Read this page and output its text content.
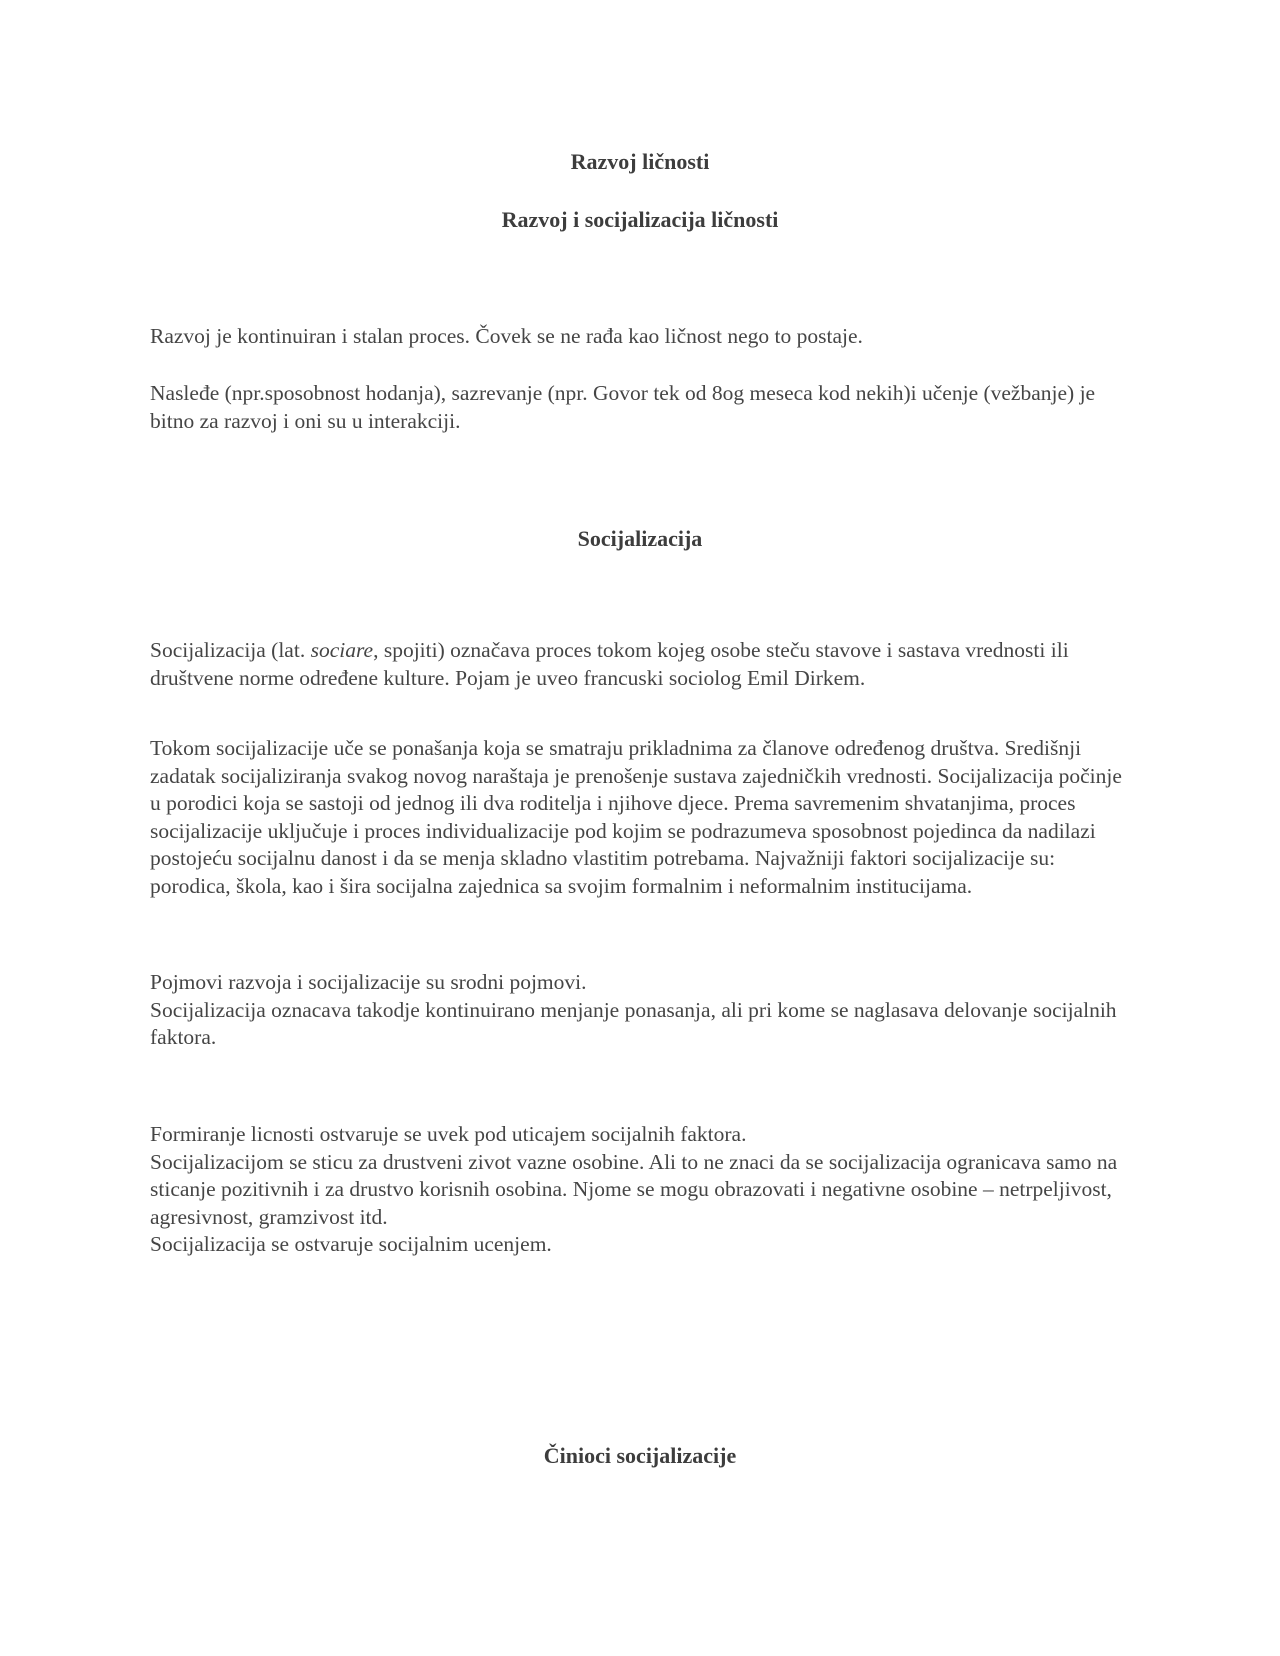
Razvoj ličnosti
Razvoj i socijalizacija ličnosti

Razvoj je kontinuiran i stalan proces. Čovek se ne rađa kao ličnost nego to postaje.

Nasleđe (npr.sposobnost hodanja), sazrevanje (npr. Govor tek od 8og meseca kod nekih)i učenje (vežbanje) je bitno za razvoj i oni su u interakciji.

Socijalizacija

Socijalizacija (lat. sociare, spojiti) označava proces tokom kojeg osobe steču stavove i sastava vrednosti ili društvene norme određene kulture. Pojam je uveo francuski sociolog Emil Dirkem.

Tokom socijalizacije uče se ponašanja koja se smatraju prikladnima za članove određenog društva. Središnji zadatak socijaliziranja svakog novog naraštaja je prenošenje sustava zajedničkih vrednosti. Socijalizacija počinje u porodici koja se sastoji od jednog ili dva roditelja i njihove djece. Prema savremenim shvatanjima, proces socijalizacije uključuje i proces individualizacije pod kojim se podrazumeva sposobnost pojedinca da nadilazi postojeću socijalnu danost i da se menja skladno vlastitim potrebama. Najvažniji faktori socijalizacije su: porodica, škola, kao i šira socijalna zajednica sa svojim formalnim i neformalnim institucijama.

Pojmovi razvoja i socijalizacije su srodni pojmovi.
Socijalizacija oznacava takodje kontinuirano menjanje ponasanja, ali pri kome se naglasava delovanje socijalnih faktora.

Formiranje licnosti ostvaruje se uvek pod uticajem socijalnih faktora.
Socijalizacijom se sticu za drustveni zivot vazne osobine. Ali to ne znaci da se socijalizacija ogranicava samo na sticanje pozitivnih i za drustvo korisnih osobina. Njome se mogu obrazovati i negativne osobine – netrpeljivost, agresivnost, gramzivost itd.
Socijalizacija se ostvaruje socijalnim ucenjem.

Činioci socijalizacije
